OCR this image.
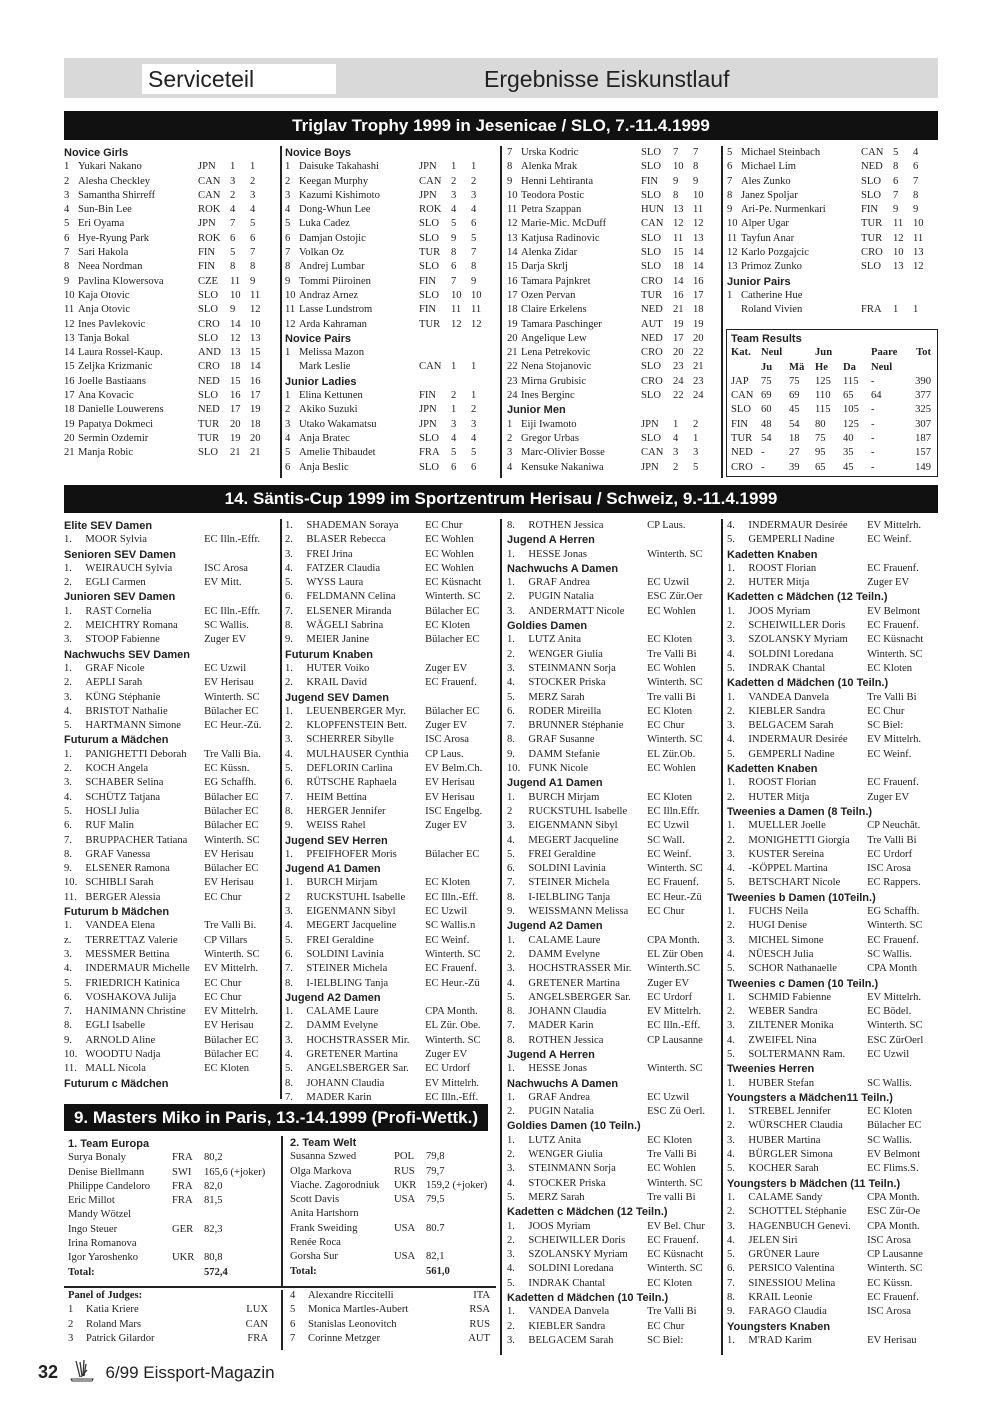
Serviceteil	Ergebnisse Eiskunstlauf
Triglav Trophy 1999 in Jesenicae / SLO, 7.-11.4.1999
Novice Girls
1 Yukari Nakano	JPN	1	1
2 Alesha Checkley	CAN 3	2
3 Samantha Shirreff	CAN 2	3
4 Sun-Bin Lee	ROK 4	4
5 Eri Oyama	JPN	7	5
6 Hye-Ryung Park	ROK 6	6
7 Sari Hakola	FIN	5	7
8 Neea Nordman	FIN	8	8
9 Pavlina Klowersova	CZE	11 9
10 Kaja Otovic	SLO	10 11
11 Anja Otovic	SLO	9	12
12 Ines Pavlekovic	CRO 14 10
13 Tanja Bokal	SLO	12 13
14 Laura Rossel-Kaup.	AND 13 15
15 Zeljka Krizmanic	CRO 18 14
16 Joelle Bastiaans	NED 15 16
17 Ana Kovacic	SLO	16 17
18 Danielle Louwerens	NED 17 19
19 Papatya Dokmeci	TUR	20 18
20 Sermin Ozdemir	TUR	19 20
21 Manja Robic	SLO	21 21
Novice Boys
1 Daisuke Takahashi	JPN	1	1
2 Keegan Murphy	CAN 2	2
3 Kazumi Kishimoto	JPN	3	3
4 Dong-Whun Lee	ROK 4	4
5 Luka Cadez	SLO	5	6
6 Damjan Ostojic	SLO	9	5
7 Volkan Oz	TUR	8	7
8 Andrej Lumbar	SLO	6	8
9 Tommi Piiroinen	FIN	7	9
10 Andraz Arnez	SLO	10 10
11 Lasse Lundstrom	FIN	11 11
12 Arda Kahraman	TUR	12 12
Novice Pairs
1 Melissa Mazon
Mark Leslie	CAN 1	1
Junior Ladies
1 Elina Kettunen	FIN	2	1
2 Akiko Suzuki	JPN	1	2
3 Utako Wakamatsu	JPN	3	3
4 Anja Bratec	SLO	4	4
5 Amelie Thibaudet	FRA	5	5
6 Anja Beslic	SLO	6	6
7 Urska Kodric	SLO	7	7
8 Alenka Mrak	SLO	10 8
9 Henni Lehtiranta	FIN	9	9
10 Teodora Postic	SLO	8	10
11 Petra Szappan	HUN 13 11
12 Marie-Mic. McDuff	CAN 12 12
13 Katjusa Radinovic	SLO	11 13
14 Alenka Zidar	SLO	15 14
15 Darja Skrlj	SLO	18 14
16 Tamara Pajnkret	CRO 14 16
17 Ozen Pervan	TUR	16 17
18 Claire Erkelens	NED 21 18
19 Tamara Paschinger	AUT 19 19
20 Angelique Lew	NED 17 20
21 Lena Petrekovic	CRO 20 22
22 Nena Stojanovic	SLO	23 21
23 Mirna Grubisic	CRO 24 23
24 Ines Berginc	SLO	22 24
Junior Men
1 Eiji Iwamoto	JPN	1	2
2 Gregor Urbas	SLO	4	1
3 Marc-Olivier Bosse	CAN 3	3
4 Kensuke Nakaniwa	JPN	2	5
5 Michael Steinbach	CAN 5	4
6 Michael Lim	NED 8	6
7 Ales Zunko	SLO	6	7
8 Janez Spoljar	SLO	7	8
9 Ari-Pe. Nurmenkari	FIN	9	9
10 Alper Ugar	TUR	11 10
11 Tayfun Anar	TUR	12 11
12 Karlo Pozgajcic	CRO 10 13
13 Primoz Zunko	SLO	13 12
Junior Pairs
1 Catherine Hue
Roland Vivien	FRA	1	1
Team Results
Kat. Neul	Jun	Paare	Tot
Ju	Mä	He	Da	Neul
JAP	75	75	125	115	-	390
CAN 69	69	110	65	64	377
SLO 60	45	115	105	-	325
FIN	48	54	80	125	-	307
TUR 54	18	75	40	-	187
NED -	27	95	35	-	157
CRO -	39	65	45	-	149
14. Säntis-Cup 1999 im Sportzentrum Herisau / Schweiz, 9.-11.4.1999
Elite SEV Damen
1.	MOOR Sylvia	EC Illn.-Effr.
Senioren SEV Damen
1.	WEIRAUCH Sylvia	ISC Arosa
2.	EGLI Carmen	EV Mitt.
Junioren SEV Damen
1.	RAST Cornelia	EC Illn.-Effr.
2.	MEICHTRY Romana	SC Wallis.
3.	STOOP Fabienne	Zuger EV
Nachwuchs SEV Damen
1.	GRAF Nicole	EC Uzwil
2.	AEPLI Sarah	EV Herisau
3.	KÜNG Stéphanie	Winterth. SC
4.	BRISTOT Nathalie	Bülacher EC
5.	HARTMANN Simone	EC Heur.-Zü.
Futurum a Mädchen
1.	PANIGHETTI Deborah	Tre Valli Bia.
2.	KOCH Angela	EC Küssn.
3.	SCHABER Selina	EG Schaffh.
4.	SCHÜTZ Tatjana	Bülacher EC
5.	HOSLI Julia	Bülacher EC
6.	RUF Malin	Bülacher EC
7.	BRUPPACHER Tatiana	Winterth. SC
8.	GRAF Vanessa	EV Herisau
9.	ELSENER Ramona	Bülacher EC
10. SCHIBLI Sarah	EV Herisau
11. BERGER Alessia	EC Chur
Futurum b Mädchen
1.	VANDEA Elena	Tre Valli Bi.
z.	TERRETTAZ Valerie	CP Villars
3.	MESSMER Bettina	Winterth. SC
4.	INDERMAUR Michelle	EV Mittelrh.
5.	FRIEDRICH Katinica	EC Chur
6.	VOSHAKOVA Julija	EC Chur
7.	HANIMANN Christine	EV Mittelrh.
8.	EGLI Isabelle	EV Herisau
9.	ARNOLD Aline	Bülacher EC
10. WOODTU Nadja	Bülacher EC
11. MALL Nicola	EC Kloten
Futurum c Mädchen
1.	SHADEMAN Soraya	EC Chur
2.	BLASER Rebecca	EC Wohlen
3.	FREI Jrina	EC Wohlen
4.	FATZER Claudia	EC Wohlen
5.	WYSS Laura	EC Küsnacht
6.	FELDMANN Celina	Winterth. SC
7.	ELSENER Miranda	Bülacher EC
8.	WÄGELI Sabrina	EC Kloten
9.	MEIER Janine	Bülacher EC
Futurum Knaben
1.	HUTER Voiko	Zuger EV
2.	KRAIL David	EC Frauenf.
Jugend SEV Damen
1.	LEUENBERGER Myr.	Bülacher EC
2.	KLOPFENSTEIN Bett.	Zuger EV
3.	SCHERRER Sibylle	ISC Arosa
4.	MULHAUSER Cynthia	CP Laus.
5.	DEFLORIN Carlina	EV Belm.Ch.
6.	RÜTSCHE Raphaela	EV Herisau
7.	HEIM Bettina	EV Herisau
8.	HERGER Jennifer	ISC Engelbg.
9.	WEISS Rahel	Zuger EV
Jugend SEV Herren
1.	PFEIFHOFER Moris	Bülacher EC
Jugend A1 Damen
1.	BURCH Mirjam	EC Kloten
2	RUCKSTUHL Isabelle	EC Illn.-Eff.
3.	EIGENMANN Sibyl	EC Uzwil
4.	MEGERT Jacqueline	SC Wallis.n
5.	FREI Geraldine	EC Weinf.
6.	SOLDINI Lavinia	Winterth. SC
7.	STEINER Michela	EC Frauenf.
8.	I-IELBLING Tanja	EC Heur.-Zü
Jugend A2 Damen
1.	CALAME Laure	CPA Month.
2.	DAMM Evelyne	EL Zür. Obe.
3.	HOCHSTRASSER Mir.	Winterth. SC
4.	GRETENER Martina	Zuger EV
5.	ANGELSBERGER Sar.	EC Urdorf
8.	JOHANN Claudia	EV Mittelrh.
7.	MADER Karin	EC Illn.-Eff.
8.	ROTHEN Jessica	CP Laus.
Jugend A Herren
1.	HESSE Jonas	Winterth. SC
Nachwuchs A Damen
1.	GRAF Andrea	EC Uzwil
2.	PUGIN Natalia	ESC Zür.Oer
3.	ANDERMATT Nicole	EC Wohlen
Goldies Damen
1.	LUTZ Anita	EC Kloten
2.	WENGER Giulia	Tre Valli Bi
3.	STEINMANN Sorja	EC Wohlen
4.	STOCKER Priska	Winterth. SC
5.	MERZ Sarah	Tre valli Bi
6.	RODER Mireilla	EC Kloten
7.	BRUNNER Stéphanie	EC Chur
8.	GRAF Susanne	Winterth. SC
9.	DAMM Stefanie	EL Zür.Ob.
10. FUNK Nicole	EC Wohlen
Jugend A1 Damen
1.	BURCH Mirjam	EC Kloten
2	RUCKSTUHL Isabelle	EC Illn.Effr.
3.	EIGENMANN Sibyl	EC Uzwil
4.	MEGERT Jacqueline	SC Wall.
5.	FREI Geraldine	EC Weinf.
6.	SOLDINI Lavinia	Winterth. SC
7.	STEINER Michela	EC Frauenf.
8.	I-IELBLING Tanja	EC Heur.-Zü
9.	WEISSMANN Melissa	EC Chur
Jugend A2 Damen
1.	CALAME Laure	CPA Month.
2.	DAMM Evelyne	EL Zür Oben
3.	HOCHSTRASSER Mir.	Winterth.SC
4.	GRETENER Martina	Zuger EV
5.	ANGELSBERGER Sar.	EC Urdorf
8.	JOHANN Claudia	EV Mittelrh.
7.	MADER Karin	EC Illn.-Eff.
8.	ROTHEN Jessica	CP Lausanne
Jugend A Herren
1.	HESSE Jonas	Winterth. SC
Nachwuchs A Damen
1.	GRAF Andrea	EC Uzwil
2.	PUGIN Natalia	ESC Zü Oerl.
Goldies Damen (10 Teiln.)
1.	LUTZ Anita	EC Kloten
2.	WENGER Giulia	Tre Valli Bi
3.	STEINMANN Sorja	EC Wohlen
4.	STOCKER Priska	Winterth. SC
5.	MERZ Sarah	Tre valli Bi
Kadetten c Mädchen (12 Teiln.)
1.	JOOS Myriam	EV Bel. Chur
2.	SCHEIWILLER Doris	EC Frauenf.
3.	SZOLANSKY Myriam	EC Küsnacht
4.	SOLDINI Loredana	Winterth. SC
5.	INDRAK Chantal	EC Kloten
Kadetten d Mädchen (10 Teiln.)
1.	VANDEA Danvela	Tre Valli Bi
2.	KIEBLER Sandra	EC Chur
3.	BELGACEM Sarah	SC Biel:
4.	INDERMAUR Desirée	EV Mittelrh.
5.	GEMPERLI Nadine	EC Weinf.
Kadetten Knaben
1.	ROOST Florian	EC Frauenf.
2.	HUTER Mitja	Zuger EV
Kadetten c Mädchen (12 Teiln.)
1.	JOOS Myriam	EV Belmont
2.	SCHEIWILLER Doris	EC Frauenf.
3.	SZOLANSKY Myriam	EC Küsnacht
4.	SOLDINI Loredana	Winterth. SC
5.	INDRAK Chantal	EC Kloten
Kadetten d Mädchen (10 Teiln.)
1.	VANDEA Danvela	Tre Valli Bi
2.	KIEBLER Sandra	EC Chur
3.	BELGACEM Sarah	SC Biel:
4.	INDERMAUR Desirée	EV Mittelrh.
5.	GEMPERLI Nadine	EC Weinf.
Kadetten Knaben
1.	ROOST Florian	EC Frauenf.
2.	HUTER Mitja	Zuger EV
Tweenies a Damen (8 Teiln.)
1.	MUELLER Joelle	CP Neuchât.
2.	MONIGHETTI Giorgia	Tre Valli Bi
3.	KUSTER Sereina	EC Urdorf
4.	-KÖPPEL Martina	ISC Arosa
5.	BETSCHART Nicole	EC Rappers.
Tweenies b Damen (10Teiln.)
1.	FUCHS Neila	EG Schaffh.
2.	HUGI Denise	Winterth. SC
3.	MICHEL Simone	EC Frauenf.
4.	NÜESCH Julia	SC Wallis.
5.	SCHOR Nathanaelle	CPA Month
Tweenies c Damen (10 Teiln.)
1.	SCHMID Fabienne	EV Mittelrh.
2.	WEBER Sandra	EC Bödel.
3.	ZILTENER Monika	Winterth. SC
4.	ZWEIFEL Nina	ESC ZürOerl
5.	SOLTERMANN Ram.	EC Uzwil
Tweenies Herren
1.	HUBER Stefan	SC Wallis.
Youngsters a Mädchen11 Teiln.)
1.	STREBEL Jennifer	EC Kloten
2.	WÜRSCHER Claudia	Bülacher EC
3.	HUBER Martina	SC Wallis.
4.	BÜRGLER Simona	EV Belmont
5.	KOCHER Sarah	EC Flims.S.
Youngsters b Mädchen (11 Teiln.)
1.	CALAME Sandy	CPA Month.
2.	SCHOTTEL Stéphanie	ESC Zür-Oe
3.	HAGENBUCH Genevi.	CPA Month.
4.	JELEN Siri	ISC Arosa
5.	GRÜNER Laure	CP Lausanne
6.	PERSICO Valentina	Winterth. SC
7.	SINESSIOU Melina	EC Küssn.
8.	KRAIL Leonie	EC Frauenf.
9.	FARAGO Claudia	ISC Arosa
Youngsters Knaben
1.	M'RAD Karim	EV Herisau
9. Masters Miko in Paris, 13.-14.1999 (Profi-Wettk.)
1. Team Europa
Surya Bonaly	FRA	80,2
Denise Biellmann	SWI	165,6 (+joker)
Philippe Candeloro	FRA	82,0
Eric Millot	FRA	81,5
Mandy Wötzel
Ingo Steuer	GER	82,3
Irina Romanova
Igor Yaroshenko	UKR 80,8
Total:	572,4
2. Team Welt
Susanna Szwed	POL	79,8
Olga Markova	RUS	79,7
Viache. Zagorodniuk	UKR 159,2 (+joker)
Scott Davis	USA	79,5
Anita Hartshorn
Frank Sweiding	USA	80.7
Renée Roca
Gorsha Sur	USA	82,1
Total:	561,0
Panel of Judges:
1	Katia Kriere	LUX
2	Roland Mars	CAN
3	Patrick Gilardor	FRA
4	Alexandre Riccitelli	ITA
5	Monica Martles-Aubert	RSA
6	Stanislas Leonovitch	RUS
7	Corinne Metzger	AUT
32	6/99 Eissport-Magazin
